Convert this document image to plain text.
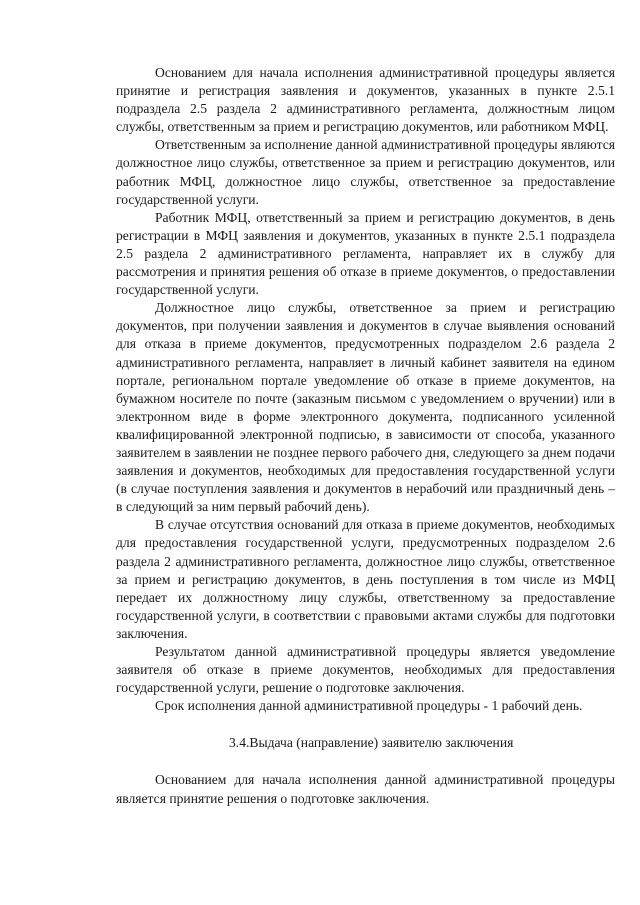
Основанием для начала исполнения административной процедуры является принятие и регистрация заявления и документов, указанных в пункте 2.5.1 подраздела 2.5 раздела 2 административного регламента, должностным лицом службы, ответственным за прием и регистрацию документов, или работником МФЦ.

Ответственным за исполнение данной административной процедуры являются должностное лицо службы, ответственное за прием и регистрацию документов, или работник МФЦ, должностное лицо службы, ответственное за предоставление государственной услуги.

Работник МФЦ, ответственный за прием и регистрацию документов, в день регистрации в МФЦ заявления и документов, указанных в пункте 2.5.1 подраздела 2.5 раздела 2 административного регламента, направляет их в службу для рассмотрения и принятия решения об отказе в приеме документов, о предоставлении государственной услуги.

Должностное лицо службы, ответственное за прием и регистрацию документов, при получении заявления и документов в случае выявления оснований для отказа в приеме документов, предусмотренных подразделом 2.6 раздела 2 административного регламента, направляет в личный кабинет заявителя на едином портале, региональном портале уведомление об отказе в приеме документов, на бумажном носителе по почте (заказным письмом с уведомлением о вручении) или в электронном виде в форме электронного документа, подписанного усиленной квалифицированной электронной подписью, в зависимости от способа, указанного заявителем в заявлении не позднее первого рабочего дня, следующего за днем подачи заявления и документов, необходимых для предоставления государственной услуги (в случае поступления заявления и документов в нерабочий или праздничный день – в следующий за ним первый рабочий день).

В случае отсутствия оснований для отказа в приеме документов, необходимых для предоставления государственной услуги, предусмотренных подразделом 2.6 раздела 2 административного регламента, должностное лицо службы, ответственное за прием и регистрацию документов, в день поступления в том числе из МФЦ передает их должностному лицу службы, ответственному за предоставление государственной услуги, в соответствии с правовыми актами службы для подготовки заключения.

Результатом данной административной процедуры является уведомление заявителя об отказе в приеме документов, необходимых для предоставления государственной услуги, решение о подготовке заключения.

Срок исполнения данной административной процедуры - 1 рабочий день.

3.4.Выдача (направление) заявителю заключения

Основанием для начала исполнения данной административной процедуры является принятие решения о подготовке заключения.
